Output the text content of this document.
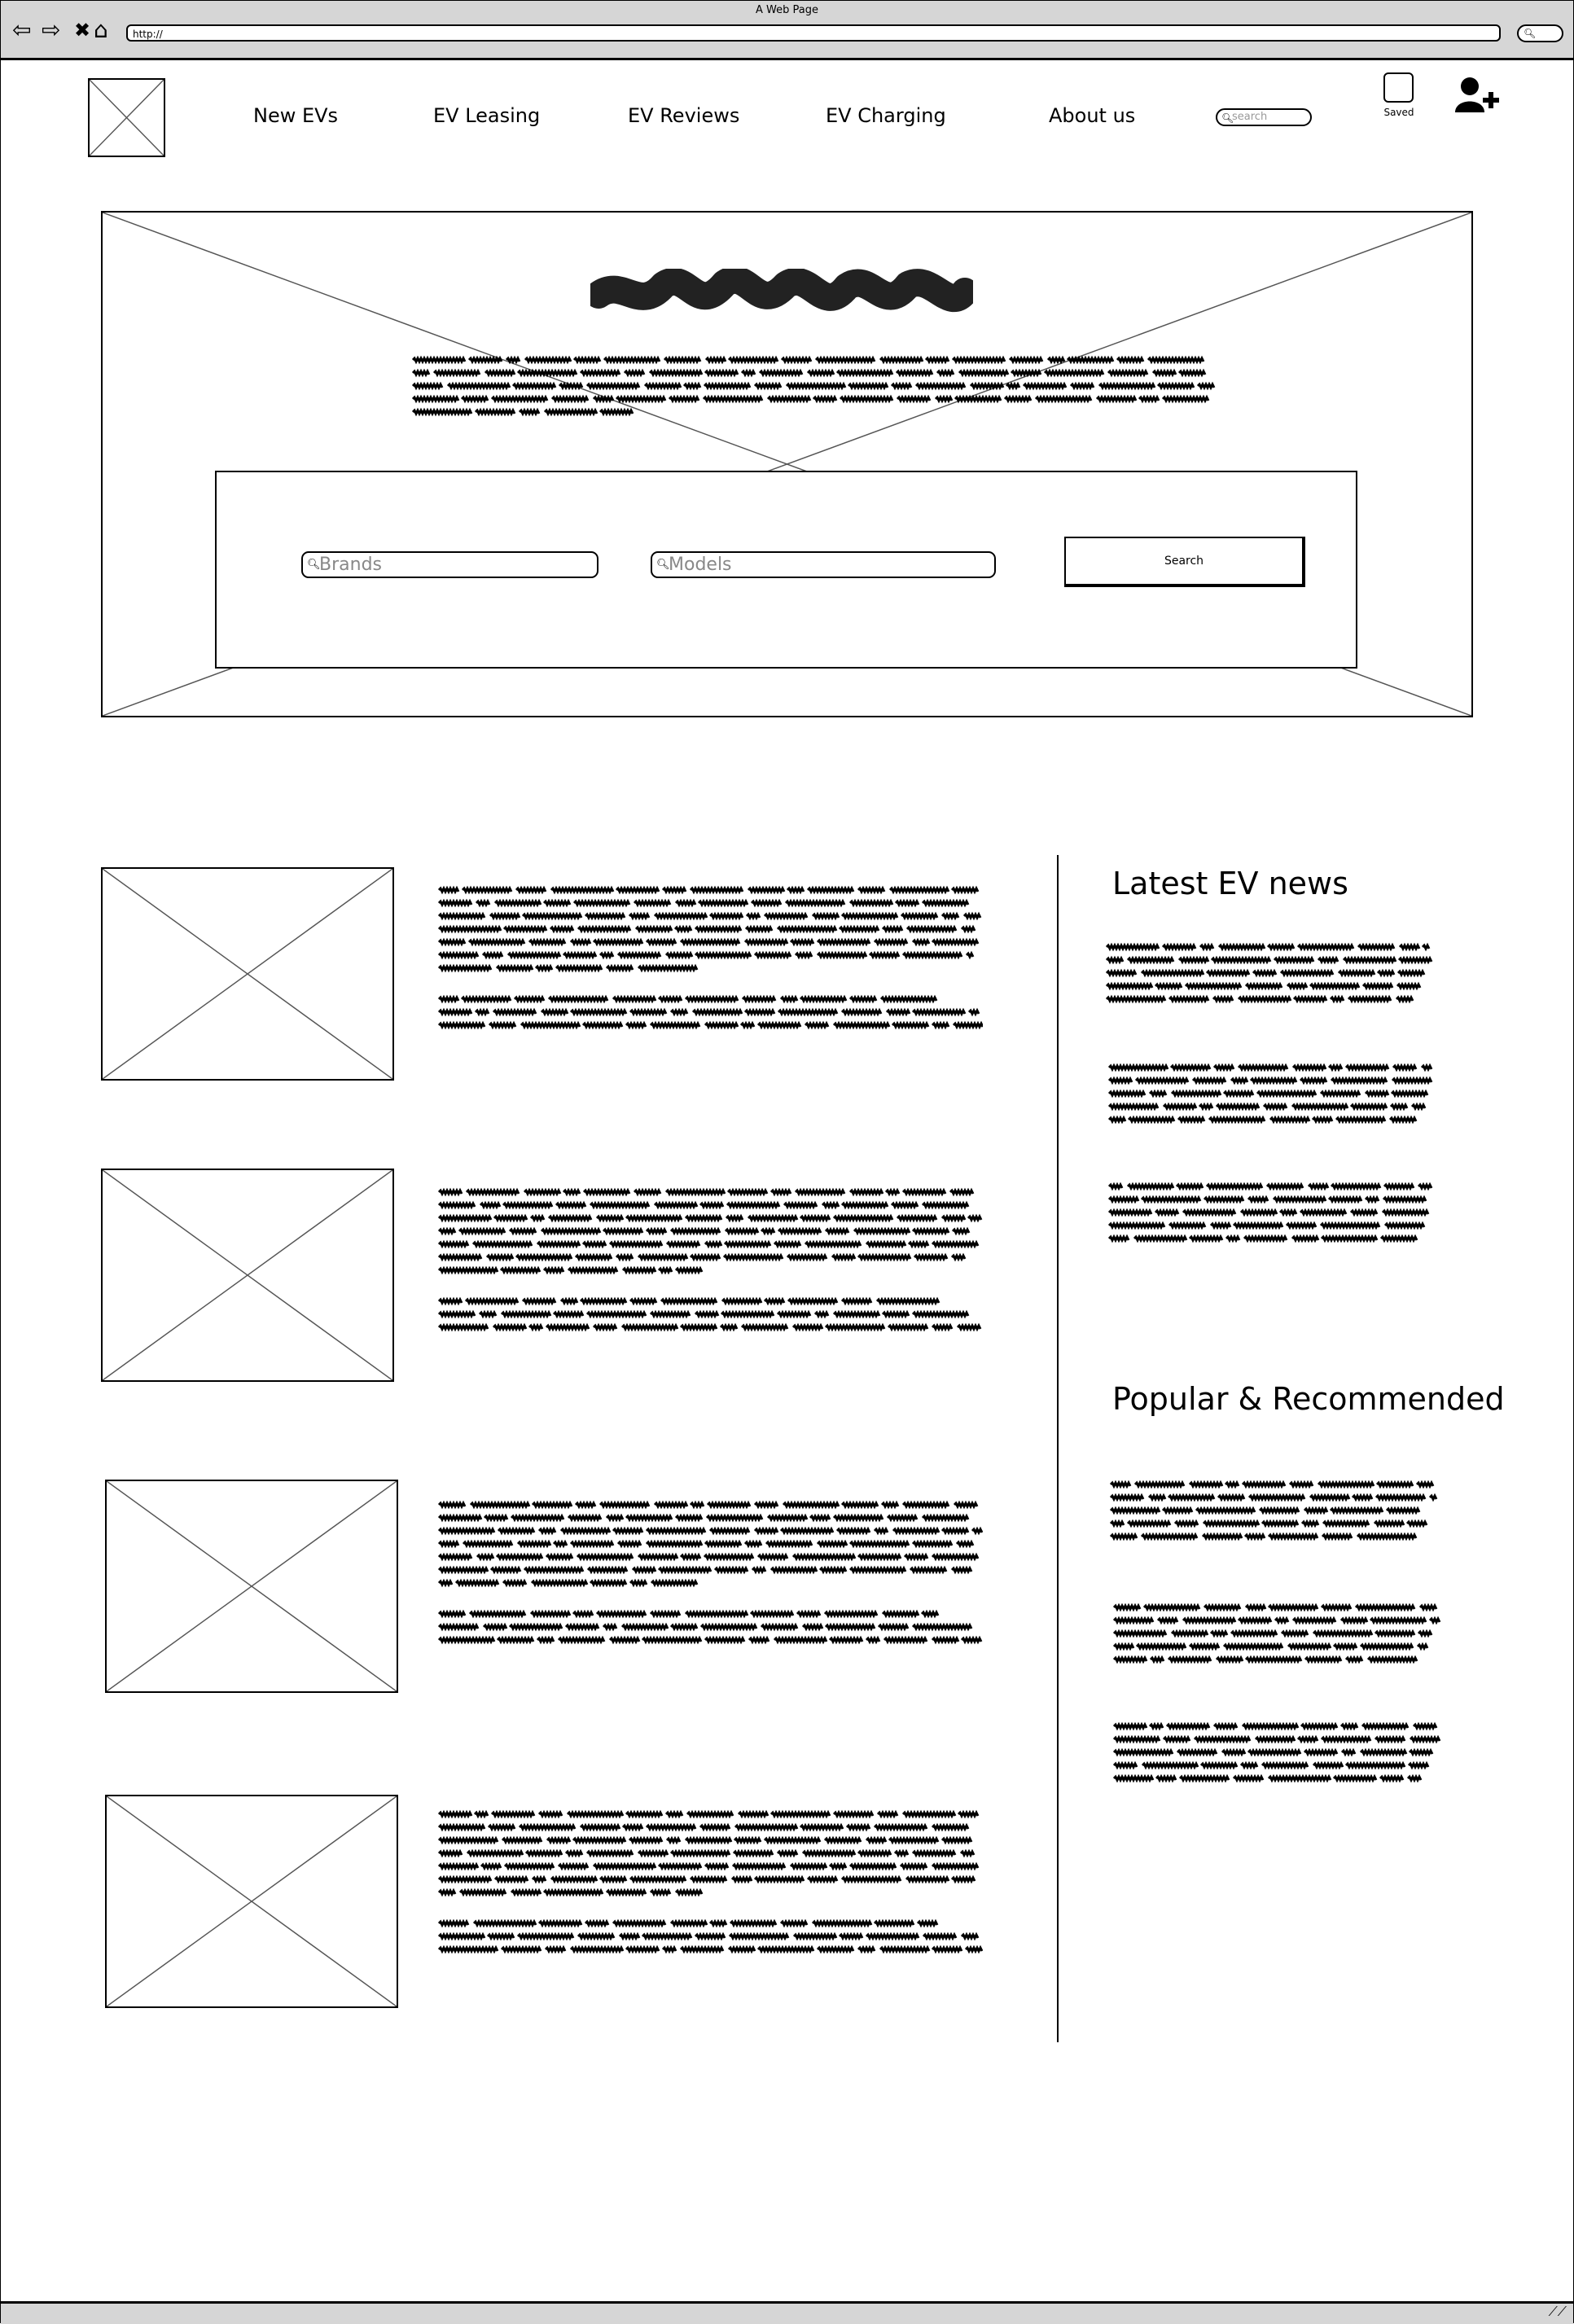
A Web Page
⇦ ⇨ ✖ ⌂	http://	🔍︎
New EVs	EV Leasing	EV Reviews	EV Charging	About us	🔍︎
search	Saved
🔍︎
Brands	🔍︎
Models	Search
Latest EV news
Popular & Recommended
⟋⟋
